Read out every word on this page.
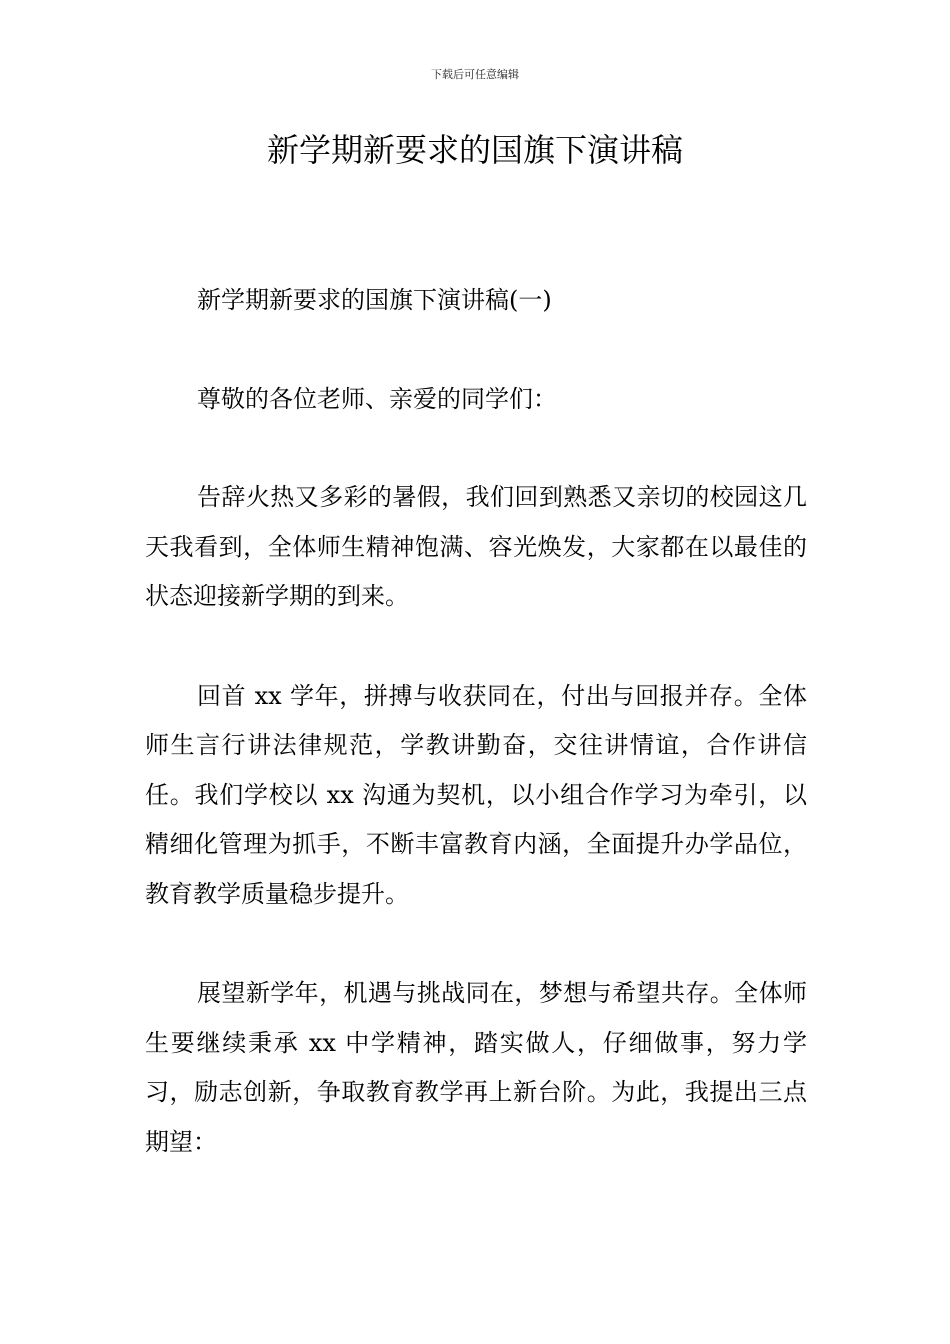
下载后可任意编辑
新学期新要求的国旗下演讲稿

新学期新要求的国旗下演讲稿(一)

尊敬的各位老师、亲爱的同学们：

告辞火热又多彩的暑假，我们回到熟悉又亲切的校园这几天我看到，全体师生精神饱满、容光焕发，大家都在以最佳的状态迎接新学期的到来。

回首 xx 学年，拼搏与收获同在，付出与回报并存。全体师生言行讲法律规范，学教讲勤奋，交往讲情谊，合作讲信任。我们学校以 xx 沟通为契机，以小组合作学习为牵引，以精细化管理为抓手，不断丰富教育内涵，全面提升办学品位，教育教学质量稳步提升。

展望新学年，机遇与挑战同在，梦想与希望共存。全体师生要继续秉承 xx 中学精神，踏实做人，仔细做事，努力学习，励志创新，争取教育教学再上新台阶。为此，我提出三点期望：
